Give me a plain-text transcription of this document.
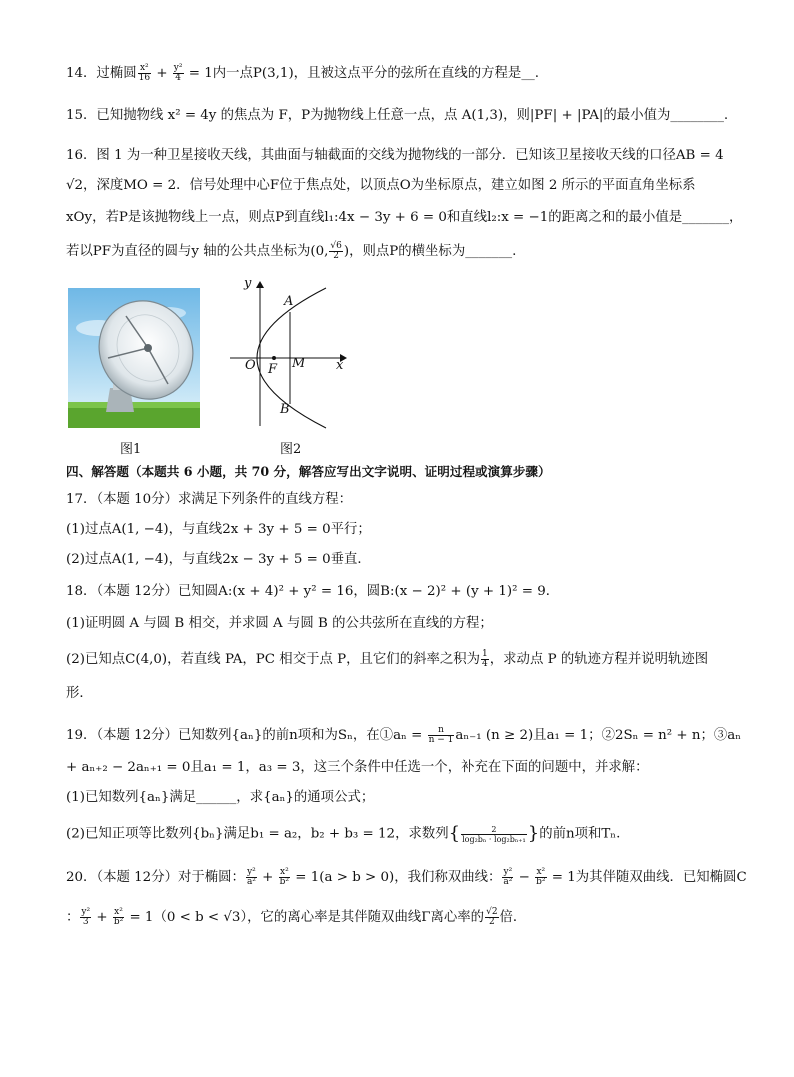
14．过椭圆 $\frac{\text{x²}}{16} + \frac{\text{y²}}{4} = 1$内一点P(3,1)，且被这点平分的弦所在直线的方程是__.
15．已知抛物线 x² = 4y 的焦点为 F，P为抛物线上任意一点，点 A(1,3)，则|PF| + |PA|的最小值为________.
16．图 1 为一种卫星接收天线，其曲面与轴截面的交线为抛物线的一部分．已知该卫星接收天线的口径AB = 4
√2，深度MO = 2．信号处理中心F位于焦点处，以顶点O为坐标原点，建立如图 2 所示的平面直角坐标系
xOy，若P是该抛物线上一点，则点P到直线l₁:4x − 3y + 6 = 0和直线l₂:x = −1的距离之和的最小值是_______，
若以PF为直径的圆与y 轴的公共点坐标为(0, $\frac{√6}{2}$ )，则点P的横坐标为_______.
图1
y
x
O F M
A
B
图2
四、解答题（本题共 6 小题，共 70 分，解答应写出文字说明、证明过程或演算步骤）
17．（本题 10分）求满足下列条件的直线方程：
(1)过点A(1, −4)，与直线2x + 3y + 5 = 0平行；
(2)过点A(1, −4)，与直线2x − 3y + 5 = 0垂直．
18．（本题 12分）已知圆A:(x + 4)² + y² = 16，圆B:(x − 2)² + (y + 1)² = 9．
(1)证明圆 A 与圆 B 相交，并求圆 A 与圆 B 的公共弦所在直线的方程；
(2)已知点C(4,0)，若直线 PA，PC 相交于点 P，且它们的斜率之积为 $\frac{1}{4}$ ，求动点 P 的轨迹方程并说明轨迹图
形．
19．（本题 12分）已知数列{aₙ}的前n项和为Sₙ，在①aₙ = $\frac{n}{n - 1} a_{n-1}$ (n ≥ 2)且a₁ = 1；②2Sₙ = n² + n；③aₙ
+ aₙ₊₂ − 2aₙ₊₁ = 0且a₁ = 1，a₃ = 3，这三个条件中任选一个，补充在下面的问题中，并求解：
(1)已知数列{aₙ}满足______，求{aₙ}的通项公式；
(2)已知正项等比数列{bₙ}满足b₁ = a₂，b₂ + b₃ = 12，求数列{ $\frac{2}{\text{log₂bₙ · log₂bₙ₊₁}}$ }的前n项和Tₙ.
20．（本题 12分）对于椭圆： $\frac{\text{y²}}{\text{a²}} + \frac{\text{x²}}{\text{b²}} = 1(a > b > 0)$，我们称双曲线： $\frac{\text{y²}}{\text{a²}} - \frac{\text{x²}}{\text{b²}} = 1$为其伴随双曲线．已知椭圆C
： $\frac{\text{y²}}{3} + \frac{\text{x²}}{\text{b²}} = 1(0 < b < √3)$，它的离心率是其伴随双曲线Γ离心率的 $\frac{√2}{2}$ 倍．
